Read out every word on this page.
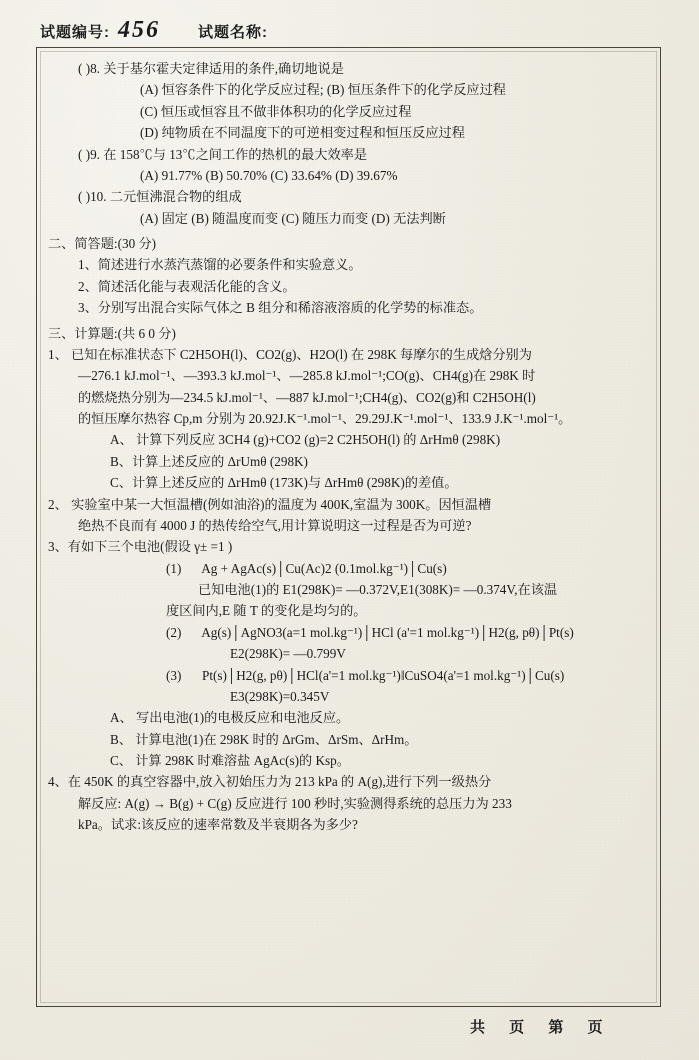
试题编号: 456	试题名称:
( )8. 关于基尔霍夫定律适用的条件,确切地说是
(A) 恒容条件下的化学反应过程; (B) 恒压条件下的化学反应过程
(C) 恒压或恒容且不做非体积功的化学反应过程
(D) 纯物质在不同温度下的可逆相变过程和恒压反应过程
( )9. 在 158℃与 13℃之间工作的热机的最大效率是
(A) 91.77% (B) 50.70% (C) 33.64% (D) 39.67%
( )10. 二元恒沸混合物的组成
(A) 固定 (B) 随温度而变 (C) 随压力而变 (D) 无法判断
二、简答题:(30 分)
1、简述进行水蒸汽蒸馏的必要条件和实验意义。
2、简述活化能与表观活化能的含义。
3、分别写出混合实际气体之 B 组分和稀溶液溶质的化学势的标准态。
三、计算题:(共 6 0 分)
1、 已知在标准状态下 C2H5OH(l)、CO2(g)、H2O(l) 在 298K 每摩尔的生成焓分别为
—276.1 kJ.mol⁻¹、—393.3 kJ.mol⁻¹、—285.8 kJ.mol⁻¹;CO(g)、CH4(g)在 298K 时
的燃烧热分别为—234.5 kJ.mol⁻¹、—887 kJ.mol⁻¹;CH4(g)、CO2(g)和 C2H5OH(l)
的恒压摩尔热容 Cp,m 分别为 20.92J.K⁻¹.mol⁻¹、29.29J.K⁻¹.mol⁻¹、133.9 J.K⁻¹.mol⁻¹。
A、 计算下列反应 3CH4 (g)+CO2 (g)=2 C2H5OH(l) 的 ΔrHmθ (298K)
B、计算上述反应的 ΔrUmθ (298K)
C、计算上述反应的 ΔrHmθ (173K)与 ΔrHmθ (298K)的差值。
2、 实验室中某一大恒温槽(例如油浴)的温度为 400K,室温为 300K。因恒温槽
绝热不良而有 4000 J 的热传给空气,用计算说明这一过程是否为可逆?
3、有如下三个电池(假设 γ± =1 )
(1) Ag + AgAc(s)│Cu(Ac)2 (0.1mol.kg⁻¹)│Cu(s)
已知电池(1)的 E1(298K)= —0.372V,E1(308K)= —0.374V,在该温
度区间内,E 随 T 的变化是均匀的。
(2) Ag(s)│AgNO3(a=1 mol.kg⁻¹)│HCl (a'=1 mol.kg⁻¹)│H2(g, pθ)│Pt(s)
E2(298K)= —0.799V
(3) Pt(s)│H2(g, pθ)│HCl(a'=1 mol.kg⁻¹)‖CuSO4(a'=1 mol.kg⁻¹)│Cu(s)
E3(298K)=0.345V
A、 写出电池(1)的电极反应和电池反应。
B、 计算电池(1)在 298K 时的 ΔrGm、ΔrSm、ΔrHm。
C、 计算 298K 时难溶盐 AgAc(s)的 Ksp。
4、在 450K 的真空容器中,放入初始压力为 213 kPa 的 A(g),进行下列一级热分
解反应: A(g) → B(g) + C(g) 反应进行 100 秒时,实验测得系统的总压力为 233
kPa。试求:该反应的速率常数及半衰期各为多少?
共 页 第 页
